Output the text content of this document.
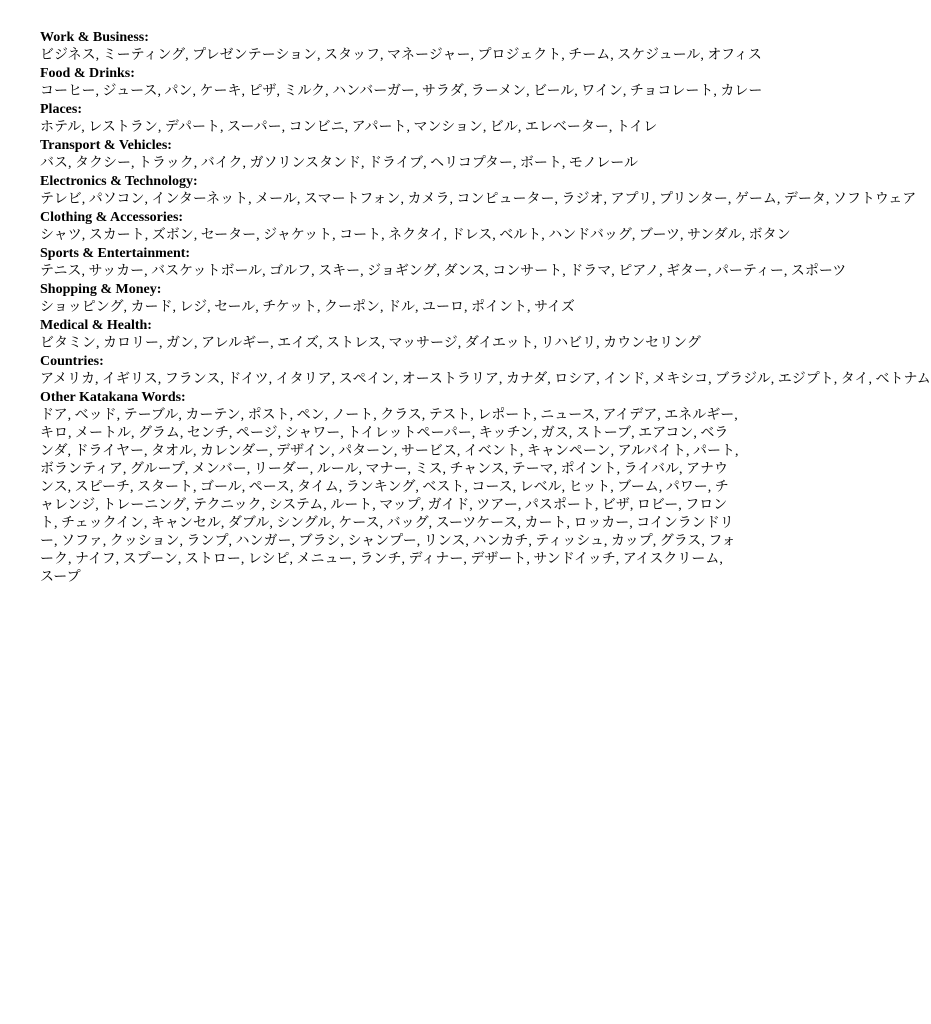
Work & Business:

ビジネス, ミーティング, プレゼンテーション, スタッフ, マネージャー, プロジェクト, チーム, スケジュール, オフィス

Food & Drinks:

コーヒー, ジュース, パン, ケーキ, ピザ, ミルク, ハンバーガー, サラダ, ラーメン, ビール, ワイン, チョコレート, カレー

Places:

ホテル, レストラン, デパート, スーパー, コンビニ, アパート, マンション, ビル, エレベーター, トイレ

Transport & Vehicles:

バス, タクシー, トラック, バイク, ガソリンスタンド, ドライブ, ヘリコプター, ボート, モノレール

Electronics & Technology:

テレビ, パソコン, インターネット, メール, スマートフォン, カメラ, コンピューター, ラジオ, アプリ, プリンター, ゲーム, データ, ソフトウェア

Clothing & Accessories:

シャツ, スカート, ズボン, セーター, ジャケット, コート, ネクタイ, ドレス, ベルト, ハンドバッグ, ブーツ, サンダル, ボタン

Sports & Entertainment:

テニス, サッカー, バスケットボール, ゴルフ, スキー, ジョギング, ダンス, コンサート, ドラマ, ピアノ, ギター, パーティー, スポーツ

Shopping & Money:

ショッピング, カード, レジ, セール, チケット, クーポン, ドル, ユーロ, ポイント, サイズ

Medical & Health:

ビタミン, カロリー, ガン, アレルギー, エイズ, ストレス, マッサージ, ダイエット, リハビリ, カウンセリング

Countries:

アメリカ, イギリス, フランス, ドイツ, イタリア, スペイン, オーストラリア, カナダ, ロシア, インド, メキシコ, ブラジル, エジプト, タイ, ベトナム

Other Katakana Words:

ドア, ベッド, テーブル, カーテン, ポスト, ペン, ノート, クラス, テスト, レポート, ニュース, アイデア, エネルギー, キロ, メートル, グラム, センチ, ページ, シャワー, トイレットペーパー, キッチン, ガス, ストーブ, エアコン, ベランダ, ドライヤー, タオル, カレンダー, デザイン, パターン, サービス, イベント, キャンペーン, アルバイト, パート, ボランティア, グループ, メンバー, リーダー, ルール, マナー, ミス, チャンス, テーマ, ポイント, ライバル, アナウンス, スピーチ, スタート, ゴール, ペース, タイム, ランキング, ベスト, コース, レベル, ヒット, ブーム, パワー, チャレンジ, トレーニング, テクニック, システム, ルート, マップ, ガイド, ツアー, パスポート, ビザ, ロビー, フロント, チェックイン, キャンセル, ダブル, シングル, ケース, バッグ, スーツケース, カート, ロッカー, コインランドリー, ソファ, クッション, ランプ, ハンガー, ブラシ, シャンプー, リンス, ハンカチ, ティッシュ, カップ, グラス, フォーク, ナイフ, スプーン, ストロー, レシピ, メニュー, ランチ, ディナー, デザート, サンドイッチ, アイスクリーム, スープ
